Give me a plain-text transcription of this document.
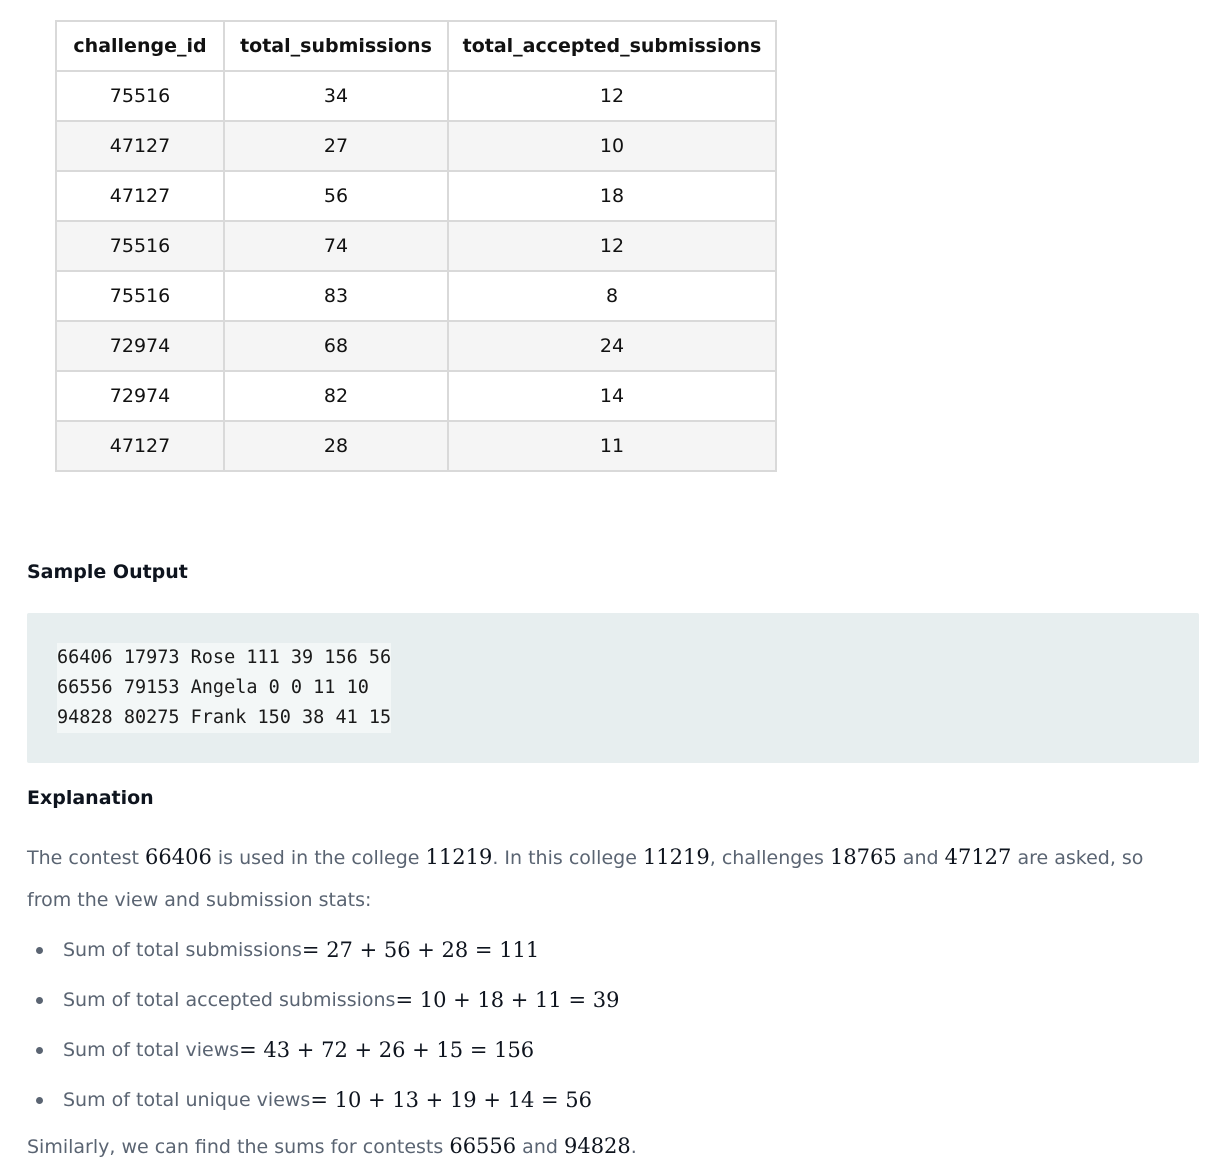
challenge_id	total_submissions	total_accepted_submissions
75516	34	12
47127	27	10
47127	56	18
75516	74	12
75516	83	8
72974	68	24
72974	82	14
47127	28	11
Sample Output
66406 17973 Rose 111 39 156 56
66556 79153 Angela 0 0 11 10
94828 80275 Frank 150 38 41 15
Explanation

The contest 66406 is used in the college 11219. In this college 11219, challenges 18765 and 47127 are asked, so from the view and submission stats:

Sum of total submissions = 27 + 56 + 28 = 111
Sum of total accepted submissions = 10 + 18 + 11 = 39
Sum of total views = 43 + 72 + 26 + 15 = 156
Sum of total unique views = 10 + 13 + 19 + 14 = 56

Similarly, we can find the sums for contests 66556 and 94828.
